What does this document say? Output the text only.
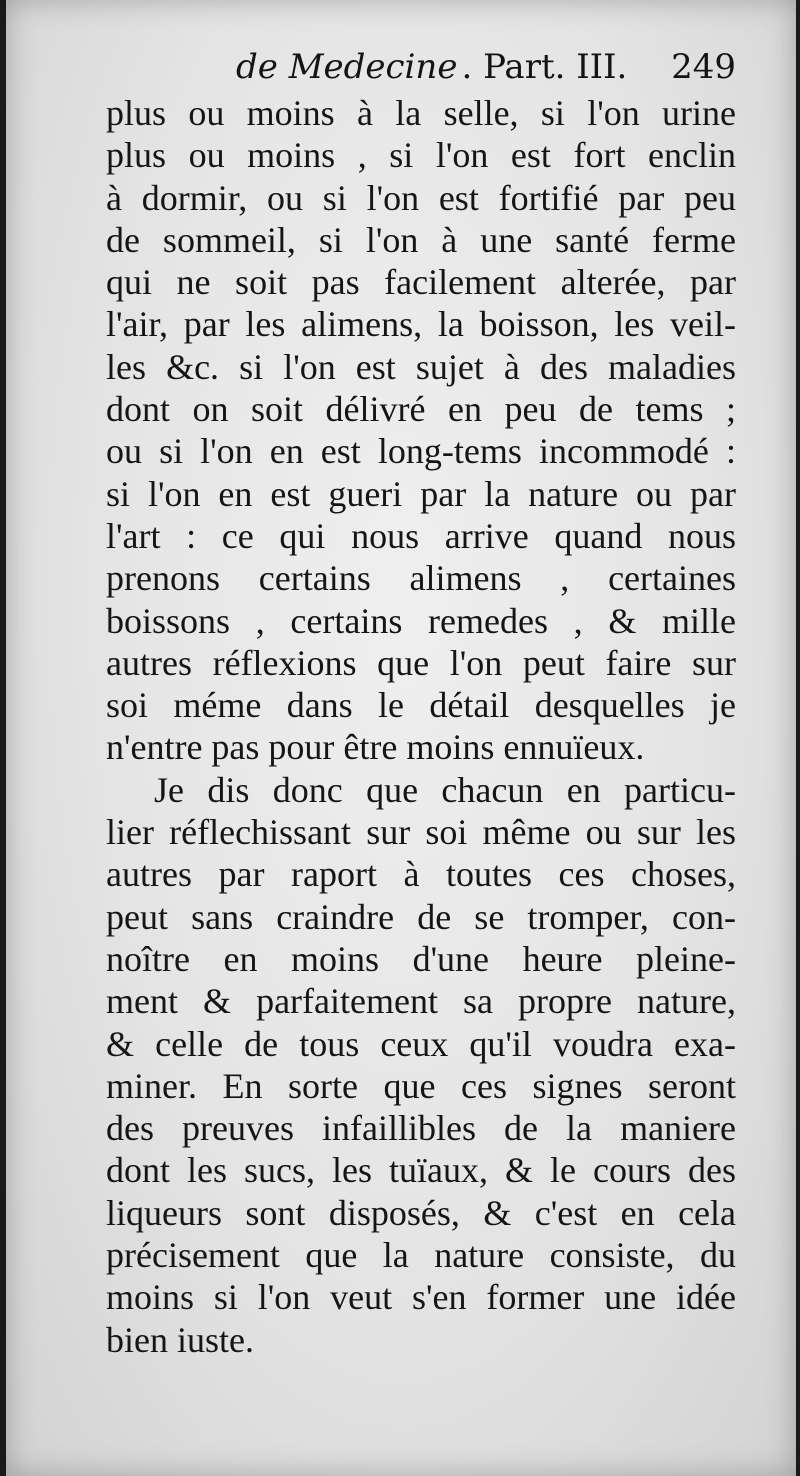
de Medecine . Part. III. 249
plus ou moins à la selle, si l'on urine
plus ou moins , si l'on est fort enclin
à dormir, ou si l'on est fortifié par peu
de sommeil, si l'on à une santé ferme
qui ne soit pas facilement alterée, par
l'air, par les alimens, la boisson, les veil-
les &c. si l'on est sujet à des maladies
dont on soit délivré en peu de tems ;
ou si l'on en est long-tems incommodé :
si l'on en est gueri par la nature ou par
l'art : ce qui nous arrive quand nous
prenons certains alimens , certaines
boissons , certains remedes , & mille
autres réflexions que l'on peut faire sur
soi méme dans le détail desquelles je
n'entre pas pour être moins ennuïeux.
Je dis donc que chacun en particu-
lier réflechissant sur soi même ou sur les
autres par raport à toutes ces choses,
peut sans craindre de se tromper, con-
noître en moins d'une heure pleine-
ment & parfaitement sa propre nature,
& celle de tous ceux qu'il voudra exa-
miner. En sorte que ces signes seront
des preuves infaillibles de la maniere
dont les sucs, les tuïaux, & le cours des
liqueurs sont disposés, & c'est en cela
précisement que la nature consiste, du
moins si l'on veut s'en former une idée
bien iuste.
